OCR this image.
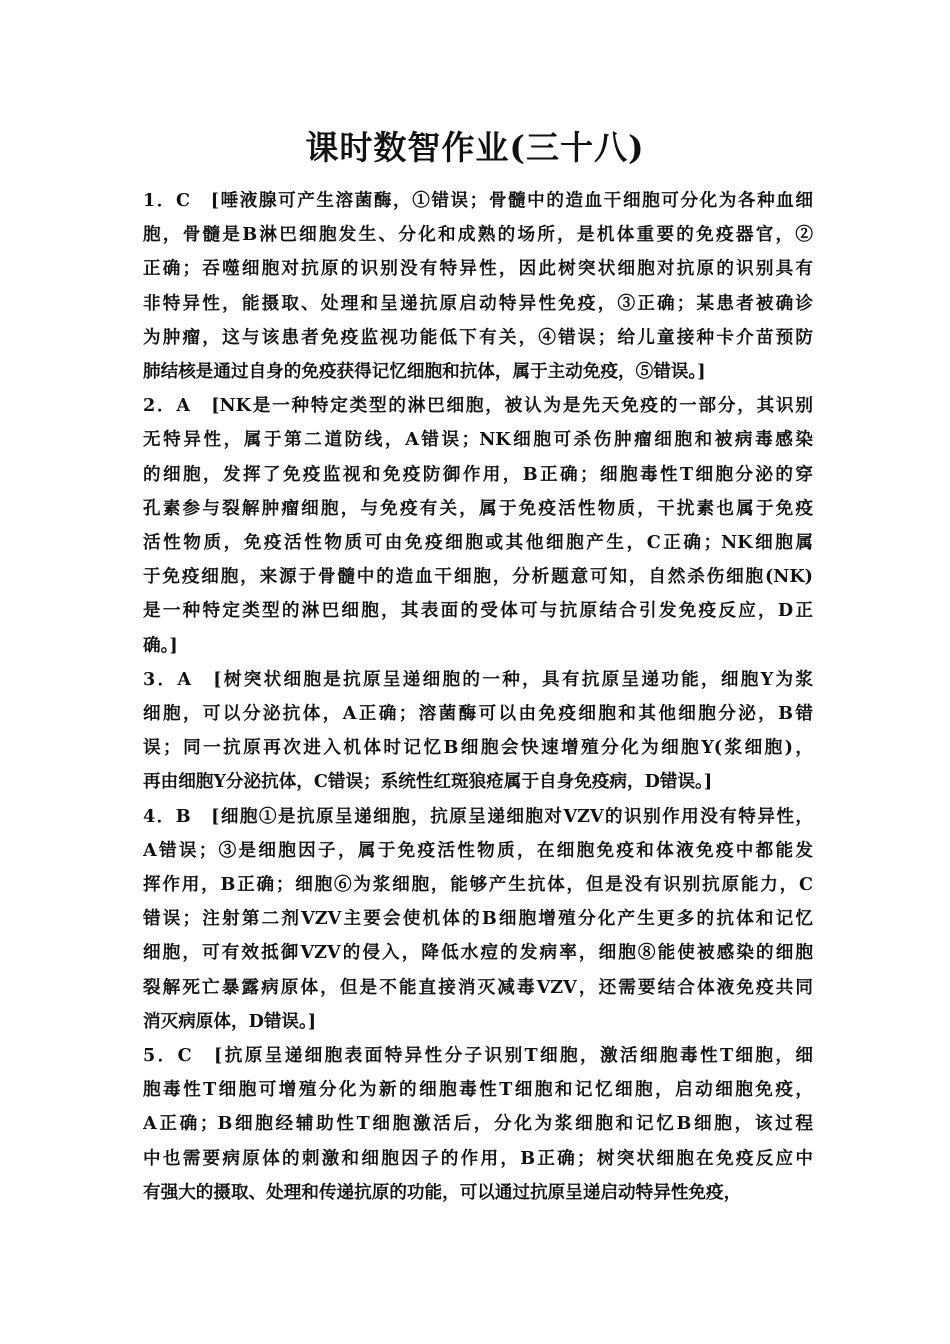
课时数智作业(三十八)
1．C　[唾液腺可产生溶菌酶，①错误；骨髓中的造血干细胞可分化为各种血细
胞，骨髓是B淋巴细胞发生、分化和成熟的场所，是机体重要的免疫器官，②
正确；吞噬细胞对抗原的识别没有特异性，因此树突状细胞对抗原的识别具有
非特异性，能摄取、处理和呈递抗原启动特异性免疫，③正确；某患者被确诊
为肿瘤，这与该患者免疫监视功能低下有关，④错误；给儿童接种卡介苗预防
肺结核是通过自身的免疫获得记忆细胞和抗体，属于主动免疫，⑤错误。]
2．A　[NK是一种特定类型的淋巴细胞，被认为是先天免疫的一部分，其识别
无特异性，属于第二道防线，A错误；NK细胞可杀伤肿瘤细胞和被病毒感染
的细胞，发挥了免疫监视和免疫防御作用，B正确；细胞毒性T细胞分泌的穿
孔素参与裂解肿瘤细胞，与免疫有关，属于免疫活性物质，干扰素也属于免疫
活性物质，免疫活性物质可由免疫细胞或其他细胞产生，C正确；NK细胞属
于免疫细胞，来源于骨髓中的造血干细胞，分析题意可知，自然杀伤细胞(NK)
是一种特定类型的淋巴细胞，其表面的受体可与抗原结合引发免疫反应，D正
确。]
3．A　[树突状细胞是抗原呈递细胞的一种，具有抗原呈递功能，细胞Y为浆
细胞，可以分泌抗体，A正确；溶菌酶可以由免疫细胞和其他细胞分泌，B错
误；同一抗原再次进入机体时记忆B细胞会快速增殖分化为细胞Y(浆细胞)，
再由细胞Y分泌抗体，C错误；系统性红斑狼疮属于自身免疫病，D错误。]
4．B　[细胞①是抗原呈递细胞，抗原呈递细胞对VZV的识别作用没有特异性，
A错误；③是细胞因子，属于免疫活性物质，在细胞免疫和体液免疫中都能发
挥作用，B正确；细胞⑥为浆细胞，能够产生抗体，但是没有识别抗原能力，C
错误；注射第二剂VZV主要会使机体的B细胞增殖分化产生更多的抗体和记忆
细胞，可有效抵御VZV的侵入，降低水痘的发病率，细胞⑧能使被感染的细胞
裂解死亡暴露病原体，但是不能直接消灭减毒VZV，还需要结合体液免疫共同
消灭病原体，D错误。]
5．C　[抗原呈递细胞表面特异性分子识别T细胞，激活细胞毒性T细胞，细
胞毒性T细胞可增殖分化为新的细胞毒性T细胞和记忆细胞，启动细胞免疫，
A正确；B细胞经辅助性T细胞激活后，分化为浆细胞和记忆B细胞，该过程
中也需要病原体的刺激和细胞因子的作用，B正确；树突状细胞在免疫反应中
有强大的摄取、处理和传递抗原的功能，可以通过抗原呈递启动特异性免疫，
